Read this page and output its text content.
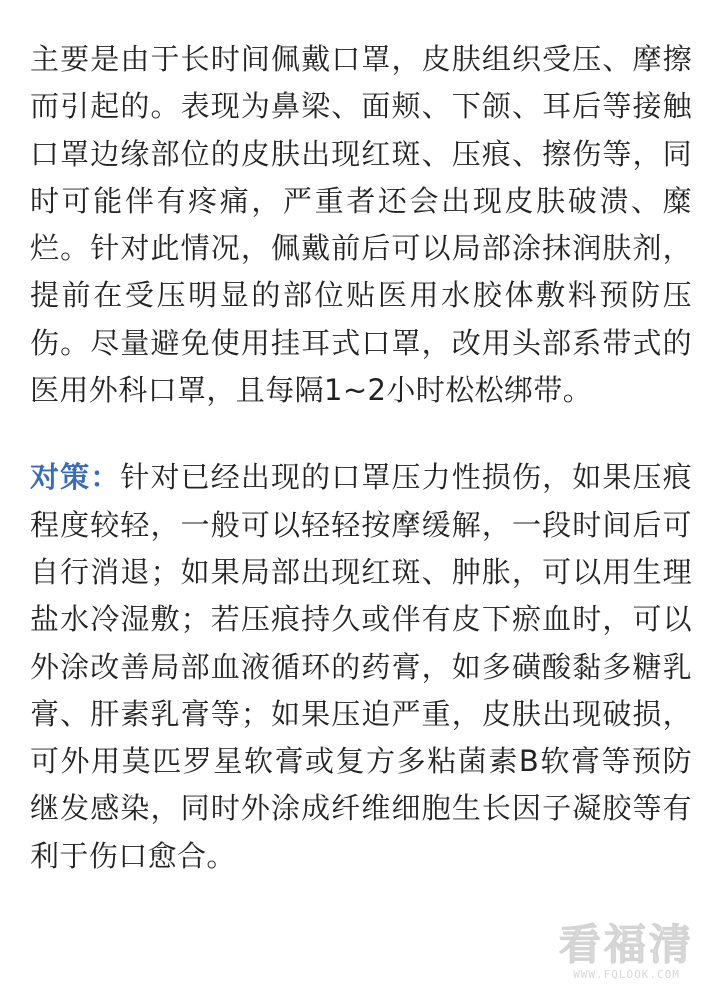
主要是由于长时间佩戴口罩，皮肤组织受压、摩擦而引起的。表现为鼻梁、面颊、下颌、耳后等接触口罩边缘部位的皮肤出现红斑、压痕、擦伤等，同时可能伴有疼痛，严重者还会出现皮肤破溃、糜烂。针对此情况，佩戴前后可以局部涂抹润肤剂，提前在受压明显的部位贴医用水胶体敷料预防压伤。尽量避免使用挂耳式口罩，改用头部系带式的医用外科口罩，且每隔1~2小时松松绑带。

对策：针对已经出现的口罩压力性损伤，如果压痕程度较轻，一般可以轻轻按摩缓解，一段时间后可自行消退；如果局部出现红斑、肿胀，可以用生理盐水冷湿敷；若压痕持久或伴有皮下瘀血时，可以外涂改善局部血液循环的药膏，如多磺酸黏多糖乳膏、肝素乳膏等；如果压迫严重，皮肤出现破损，可外用莫匹罗星软膏或复方多粘菌素B软膏等预防继发感染，同时外涂成纤维细胞生长因子凝胶等有利于伤口愈合。

看福清
WWW.FQLOOK.COM
